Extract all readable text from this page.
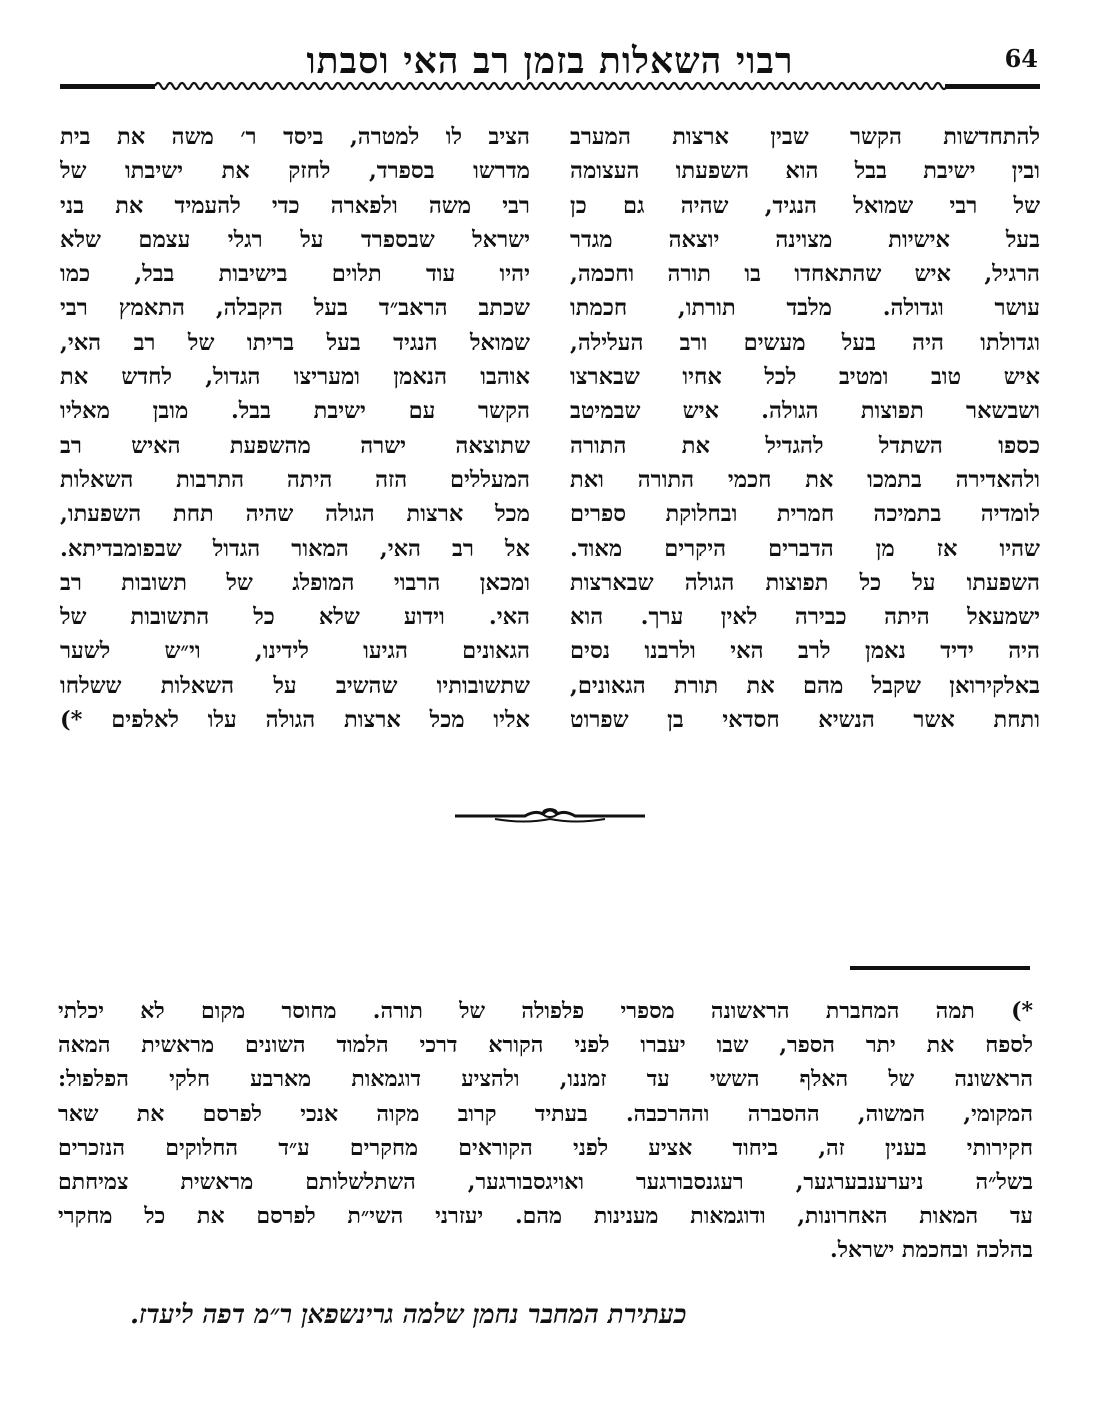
64
רבוי השאלות בזמן רב האי וסבתו
להתחדשות הקשר שבין ארצות המערב
ובין ישיבת בבל הוא השפעתו העצומה
של רבי שמואל הנגיד, שהיה גם כן
בעל אישיות מצוינה יוצאה מגדר
הרגיל, איש שהתאחדו בו תורה וחכמה,
עושר וגדולה. מלבד תורתו, חכמתו
וגדולתו היה בעל מעשים ורב העלילה,
איש טוב ומטיב לכל אחיו שבארצו
ושבשאר תפוצות הגולה. איש שבמיטב
כספו השתדל להגדיל את התורה
ולהאדירה בתמכו את חכמי התורה ואת
לומדיה בתמיכה חמרית ובחלוקת ספרים
שהיו אז מן הדברים היקרים מאוד.
השפעתו על כל תפוצות הגולה שבארצות
ישמעאל היתה כבירה לאין ערך. הוא
היה ידיד נאמן לרב האי ולרבנו נסים
באלקירואן שקבל מהם את תורת הגאונים,
ותחת אשר הנשיא חסדאי בן שפרוט
הציב לו למטרה, ביסד ר׳ משה את בית
מדרשו בספרד, לחזק את ישיבתו של
רבי משה ולפארה כדי להעמיד את בני
ישראל שבספרד על רגלי עצמם שלא
יהיו עוד תלוים בישיבות בבל, כמו
שכתב הראב״ד בעל הקבלה, התאמץ רבי
שמואל הנגיד בעל בריתו של רב האי,
אוהבו הנאמן ומעריצו הגדול, לחדש את
הקשר עם ישיבת בבל. מובן מאליו
שתוצאה ישרה מהשפעת האיש רב
המעללים הזה היתה התרבות השאלות
מכל ארצות הגולה שהיה תחת השפעתו,
אל רב האי, המאור הגדול שבפומבדיתא.
ומכאן הרבוי המופלג של תשובות רב
האי. וידוע שלא כל התשובות של
הגאונים הגיעו לידינו, וי״ש לשער
שתשובותיו שהשיב על השאלות ששלחו
אליו מכל ארצות הגולה עלו לאלפים *)
*) תמה המחברת הראשונה מספרי פלפולה של תורה. מחוסר מקום לא יכלתי
לספח את יתר הספר, שבו יעברו לפני הקורא דרכי הלמוד השונים מראשית המאה
הראשונה של האלף הששי עד זמננו, ולהציע דוגמאות מארבע חלקי הפלפול:
המקומי, המשוה, ההסברה וההרכבה. בעתיד קרוב מקוה אנכי לפרסם את שאר
חקירותי בענין זה, ביחוד אציע לפני הקוראים מחקרים ע״ד החלוקים הנזכרים
בשל״ה ניערענבערגער, רעגנסבורגער ואויגסבורגער, השתלשלותם מראשית צמיחתם
עד המאות האחרונות, ודוגמאות מענינות מהם. יעזרני השי״ת לפרסם את כל מחקרי
בהלכה ובחכמת ישראל.
כעתירת המחבר נחמן שלמה גרינשפאן ר״מ דפה ליעדז.
